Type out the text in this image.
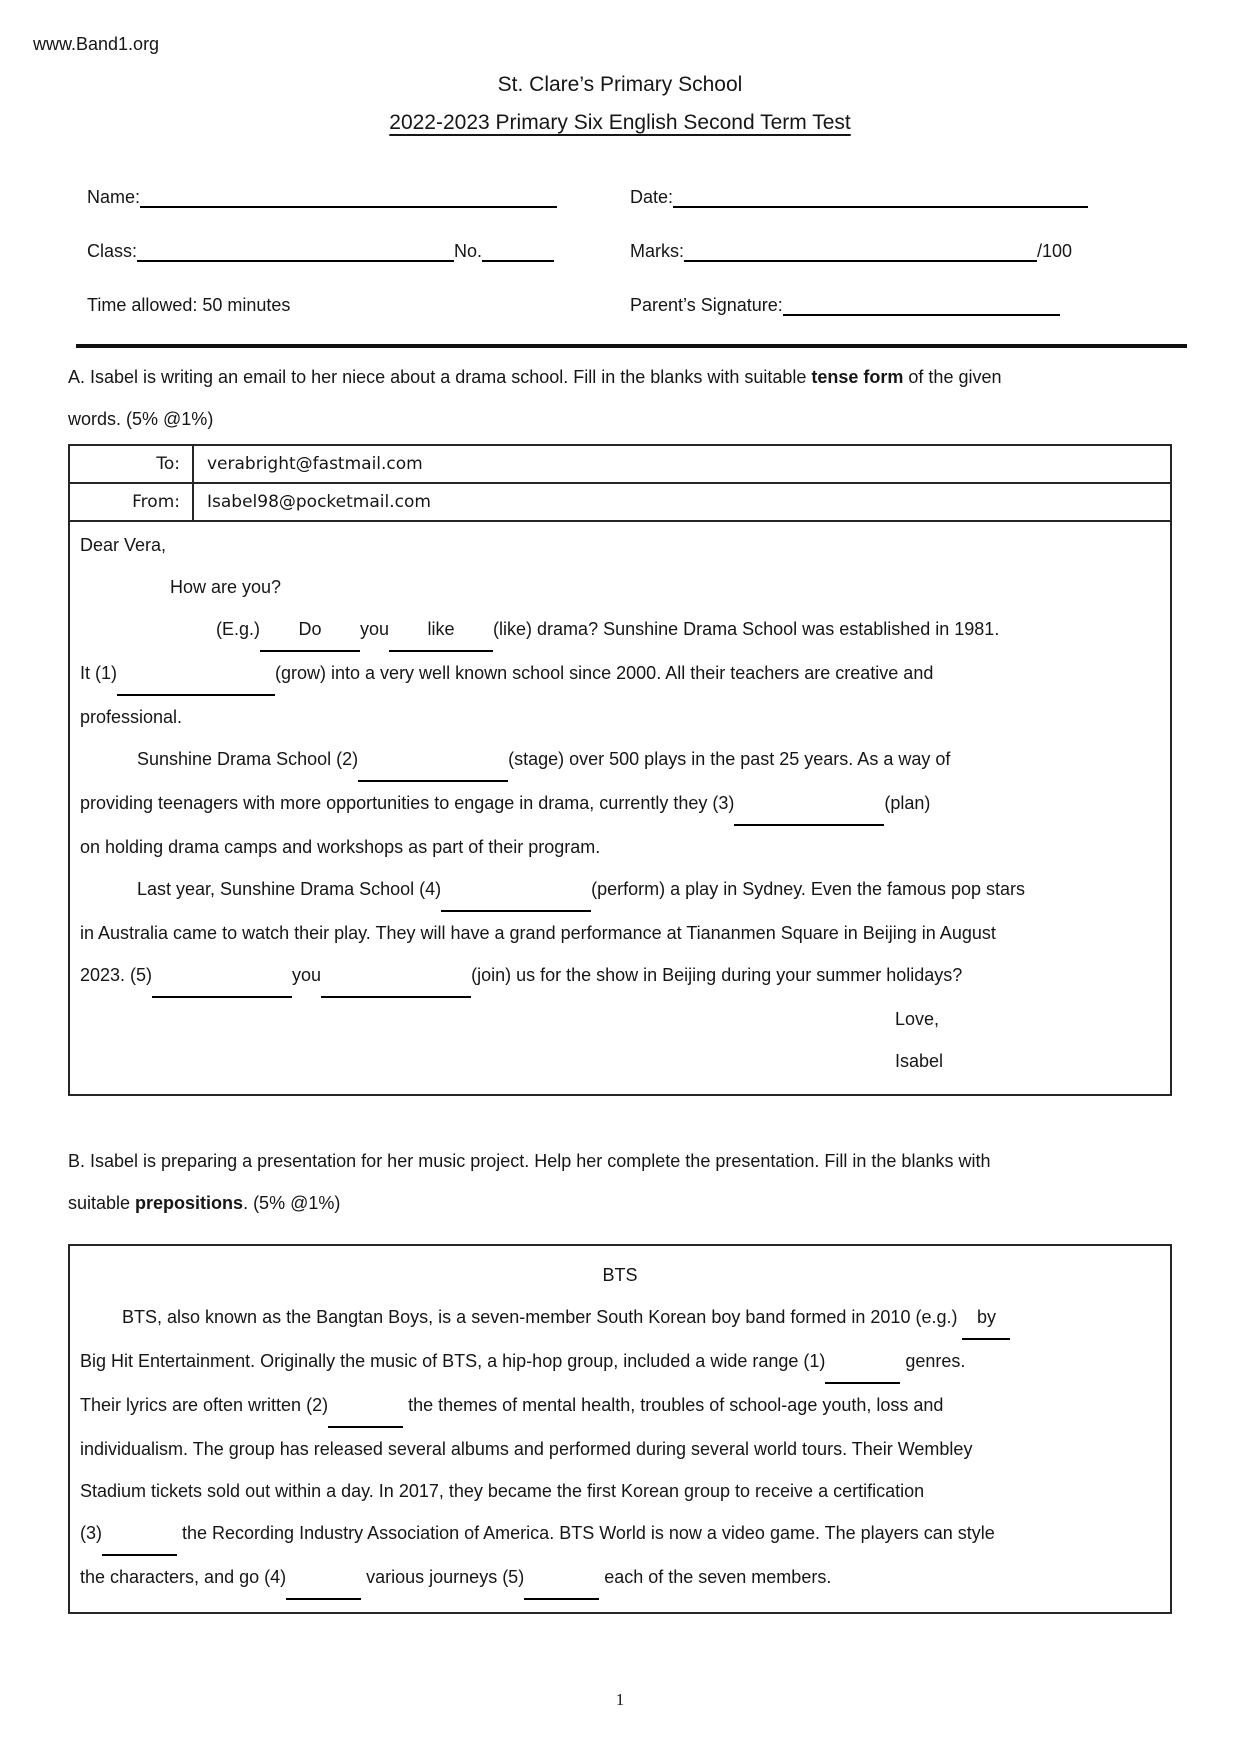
www.Band1.org
St. Clare’s Primary School
2022-2023 Primary Six English Second Term Test
Name:	Date:
Class:	No.	Marks:	/100
Time allowed: 50 minutes	Parent’s Signature:
A. Isabel is writing an email to her niece about a drama school. Fill in the blanks with suitable tense form of the given
words. (5% @1%)
To:	verabright@fastmail.com
From:	Isabel98@pocketmail.com
Dear Vera,
How are you?
(E.g.) Do you like (like) drama? Sunshine Drama School was established in 1981.
It (1)	(grow) into a very well known school since 2000. All their teachers are creative and
professional.
Sunshine Drama School (2)	(stage) over 500 plays in the past 25 years. As a way of
providing teenagers with more opportunities to engage in drama, currently they (3)	(plan)
on holding drama camps and workshops as part of their program.
Last year, Sunshine Drama School (4)	(perform) a play in Sydney. Even the famous pop stars
in Australia came to watch their play. They will have a grand performance at Tiananmen Square in Beijing in August
2023. (5)	you	(join) us for the show in Beijing during your summer holidays?
Love,
Isabel
B. Isabel is preparing a presentation for her music project. Help her complete the presentation. Fill in the blanks with
suitable prepositions. (5% @1%)
BTS
BTS, also known as the Bangtan Boys, is a seven-member South Korean boy band formed in 2010 (e.g.) by
Big Hit Entertainment. Originally the music of BTS, a hip-hop group, included a wide range (1)	genres.
Their lyrics are often written (2)	the themes of mental health, troubles of school-age youth, loss and
individualism. The group has released several albums and performed during several world tours. Their Wembley
Stadium tickets sold out within a day. In 2017, they became the first Korean group to receive a certification
(3)	the Recording Industry Association of America. BTS World is now a video game. The players can style
the characters, and go (4)	various journeys (5)	each of the seven members.
1
